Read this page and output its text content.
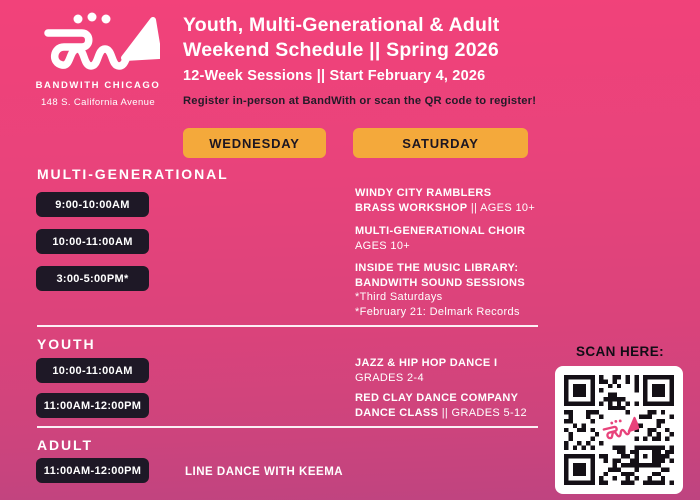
BANDWITH CHICAGO
148 S. California Avenue
Youth, Multi-Generational & Adult
Weekend Schedule || Spring 2026
12-Week Sessions || Start February 4, 2026
Register in-person at BandWith or scan the QR code to register!
WEDNESDAY	SATURDAY
MULTI-GENERATIONAL
9:00-10:00AM
10:00-11:00AM
3:00-5:00PM*
WINDY CITY RAMBLERS
BRASS WORKSHOP || AGES 10+
MULTI-GENERATIONAL CHOIR
AGES 10+
INSIDE THE MUSIC LIBRARY:
BANDWITH SOUND SESSIONS
*Third Saturdays
*February 21: Delmark Records
YOUTH
10:00-11:00AM
11:00AM-12:00PM
JAZZ & HIP HOP DANCE I
GRADES 2-4
RED CLAY DANCE COMPANY
DANCE CLASS || GRADES 5-12
ADULT
11:00AM-12:00PM	LINE DANCE WITH KEEMA
SCAN HERE:
